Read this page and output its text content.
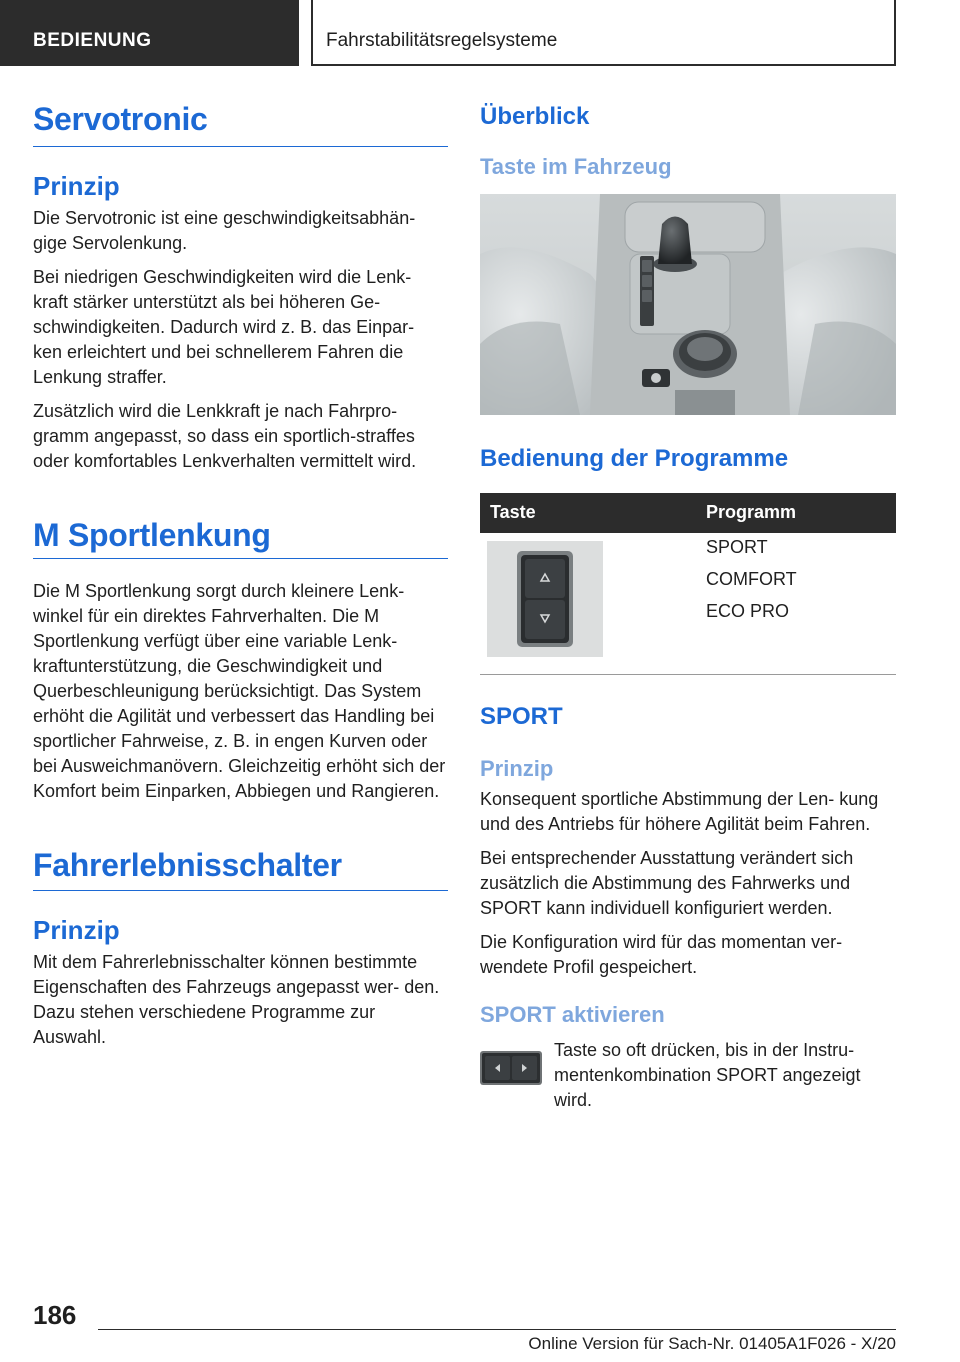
BEDIENUNG	Fahrstabilitätsregelsysteme
Servotronic
Prinzip

Die Servotronic ist eine geschwindigkeitsabhän‐ gige Servolenkung.

Bei niedrigen Geschwindigkeiten wird die Lenk‐ kraft stärker unterstützt als bei höheren Ge‐ schwindigkeiten. Dadurch wird z. B. das Einpar‐ ken erleichtert und bei schnellerem Fahren die Lenkung straffer.

Zusätzlich wird die Lenkkraft je nach Fahrpro‐ gramm angepasst, so dass ein sportlich-straffes oder komfortables Lenkverhalten vermittelt wird.

M Sportlenkung

Die M Sportlenkung sorgt durch kleinere Lenk‐ winkel für ein direktes Fahrverhalten. Die M Sportlenkung verfügt über eine variable Lenk‐ kraftunterstützung, die Geschwindigkeit und Querbeschleunigung berücksichtigt. Das System erhöht die Agilität und verbessert das Handling bei sportlicher Fahrweise, z. B. in engen Kurven oder bei Ausweichmanövern. Gleichzeitig erhöht sich der Komfort beim Einparken, Abbiegen und Rangieren.

Fahrerlebnisschalter
Prinzip

Mit dem Fahrerlebnisschalter können bestimmte Eigenschaften des Fahrzeugs angepasst wer‐ den. Dazu stehen verschiedene Programme zur Auswahl.

Überblick
Taste im Fahrzeug
Bedienung der Programme
Taste	Programm

SPORT

COMFORT

ECO PRO

SPORT
Prinzip

Konsequent sportliche Abstimmung der Len‐ kung und des Antriebs für höhere Agilität beim Fahren.

Bei entsprechender Ausstattung verändert sich zusätzlich die Abstimmung des Fahrwerks und SPORT kann individuell konfiguriert werden.

Die Konfiguration wird für das momentan ver‐ wendete Profil gespeichert.

SPORT aktivieren

Taste so oft drücken, bis in der Instru‐ mentenkombination SPORT angezeigt wird.

186
Online Version für Sach-Nr. 01405A1F026 - X/20
